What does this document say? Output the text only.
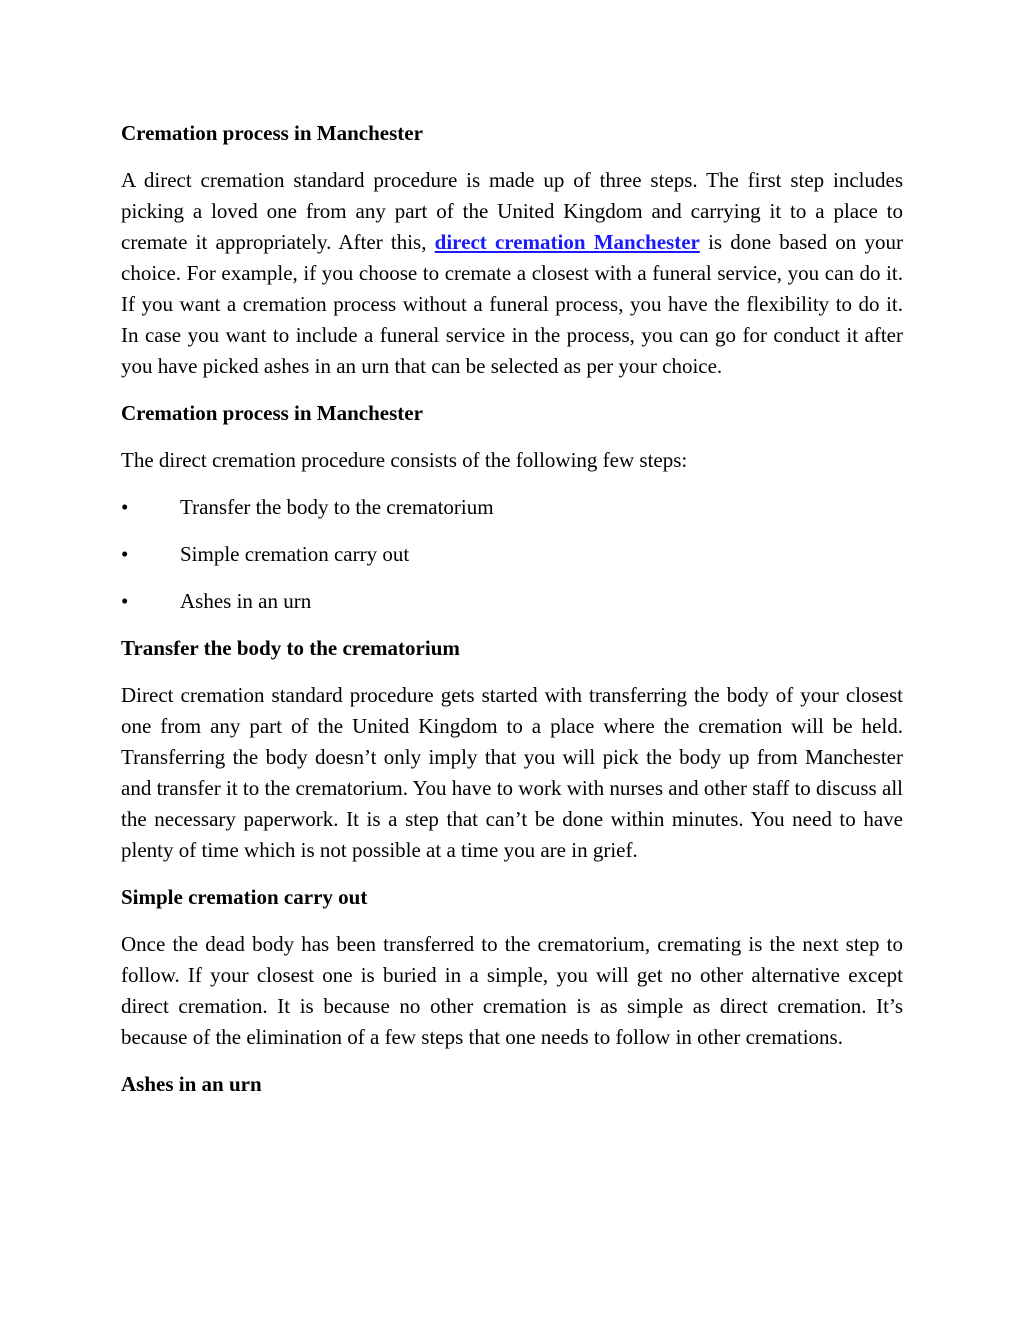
Cremation process in Manchester

A direct cremation standard procedure is made up of three steps. The first step includes picking a loved one from any part of the United Kingdom and carrying it to a place to cremate it appropriately. After this, direct cremation Manchester is done based on your choice. For example, if you choose to cremate a closest with a funeral service, you can do it. If you want a cremation process without a funeral process, you have the flexibility to do it. In case you want to include a funeral service in the process, you can go for conduct it after you have picked ashes in an urn that can be selected as per your choice.

Cremation process in Manchester

The direct cremation procedure consists of the following few steps:

• Transfer the body to the crematorium
• Simple cremation carry out
• Ashes in an urn
Transfer the body to the crematorium

Direct cremation standard procedure gets started with transferring the body of your closest one from any part of the United Kingdom to a place where the cremation will be held. Transferring the body doesn’t only imply that you will pick the body up from Manchester and transfer it to the crematorium. You have to work with nurses and other staff to discuss all the necessary paperwork. It is a step that can’t be done within minutes. You need to have plenty of time which is not possible at a time you are in grief.

Simple cremation carry out

Once the dead body has been transferred to the crematorium, cremating is the next step to follow. If your closest one is buried in a simple, you will get no other alternative except direct cremation. It is because no other cremation is as simple as direct cremation. It’s because of the elimination of a few steps that one needs to follow in other cremations.

Ashes in an urn
